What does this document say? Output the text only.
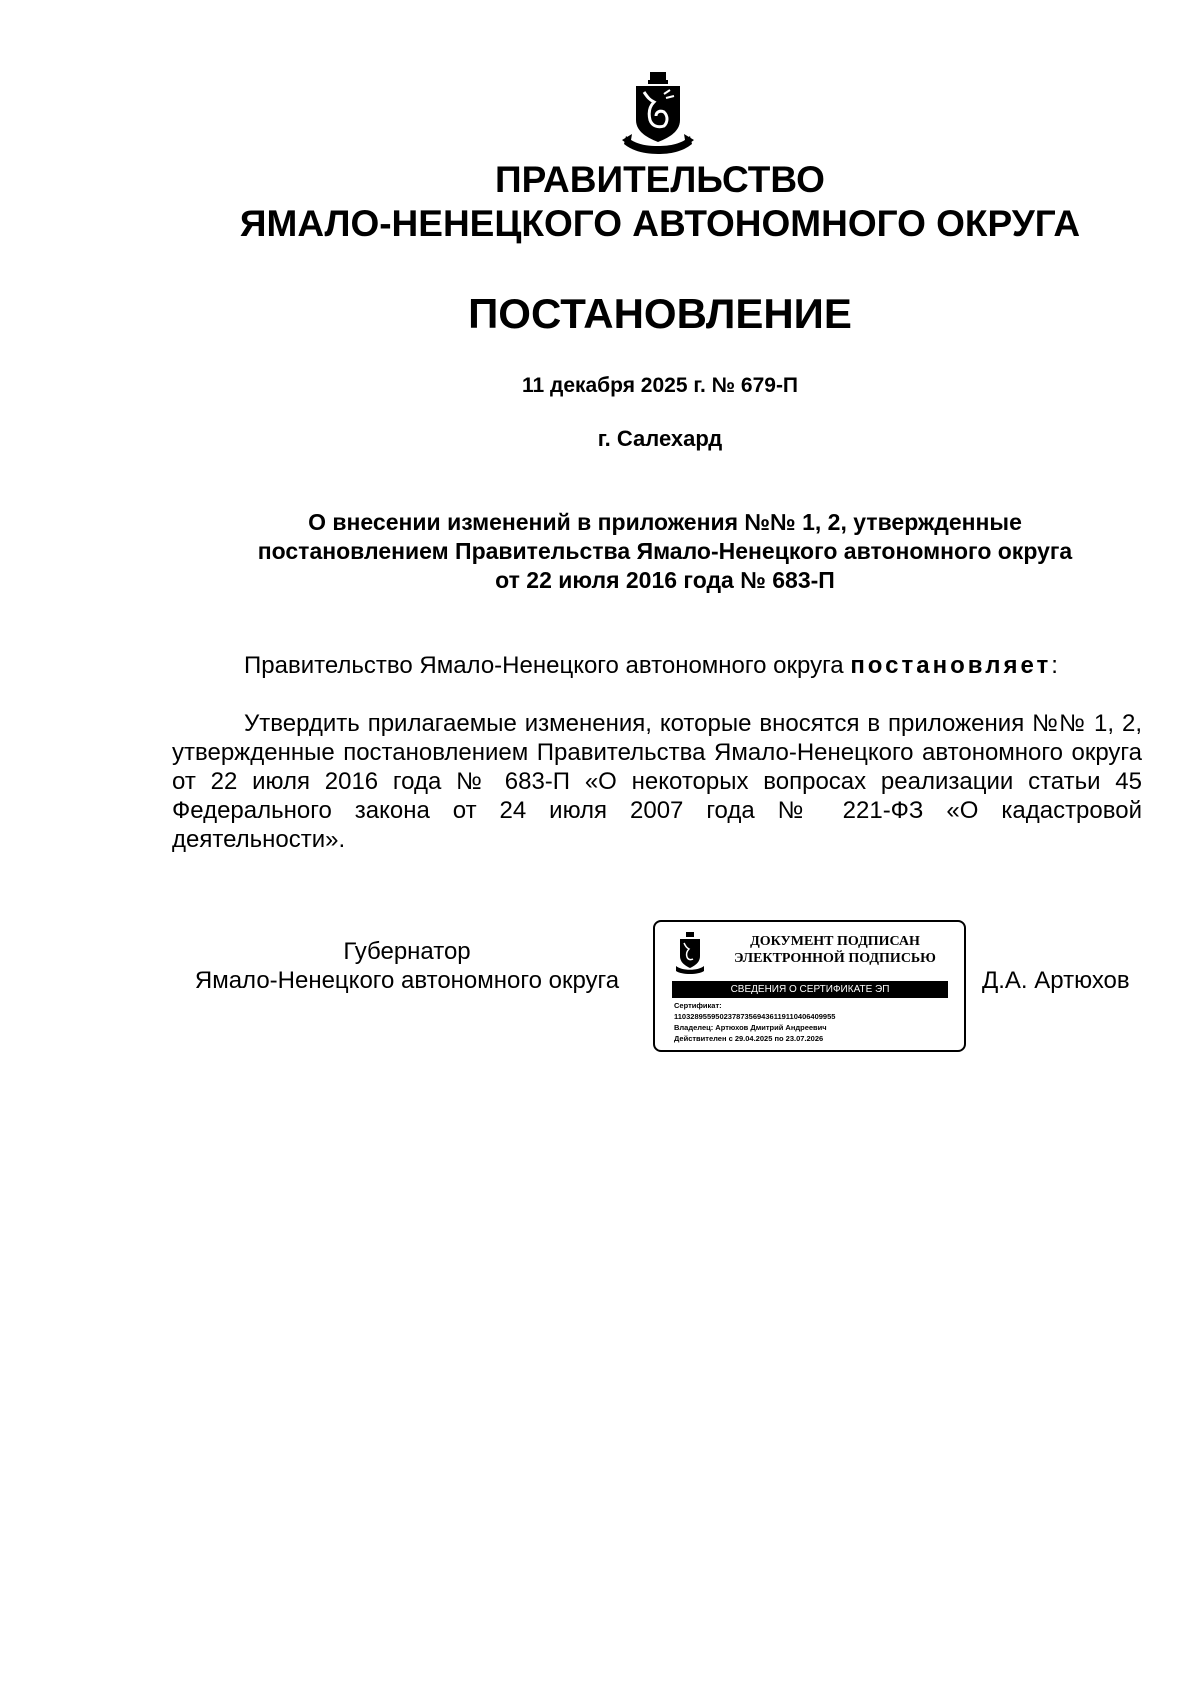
ПРАВИТЕЛЬСТВО
ЯМАЛО-НЕНЕЦКОГО АВТОНОМНОГО ОКРУГА
ПОСТАНОВЛЕНИЕ
11 декабря 2025 г. № 679-П
г. Салехард
О внесении изменений в приложения №№ 1, 2, утвержденные
постановлением Правительства Ямало-Ненецкого автономного округа
от 22 июля 2016 года № 683-П
Правительство Ямало-Ненецкого автономного округа постановляет:
Утвердить прилагаемые изменения, которые вносятся в приложения №№ 1, 2, утвержденные постановлением Правительства Ямало-Ненецкого автономного округа от 22 июля 2016 года № 683-П «О некоторых вопросах реализации статьи 45 Федерального закона от 24 июля 2007 года № 221-ФЗ «О кадастровой деятельности».
Губернатор
Ямало-Ненецкого автономного округа
ДОКУМЕНТ ПОДПИСАН
ЭЛЕКТРОННОЙ ПОДПИСЬЮ
СВЕДЕНИЯ О СЕРТИФИКАТЕ ЭП
Сертификат:
110328955950237873569436119110406409955
Владелец: Артюхов Дмитрий Андреевич
Действителен с 29.04.2025 по 23.07.2026
Д.А. Артюхов
